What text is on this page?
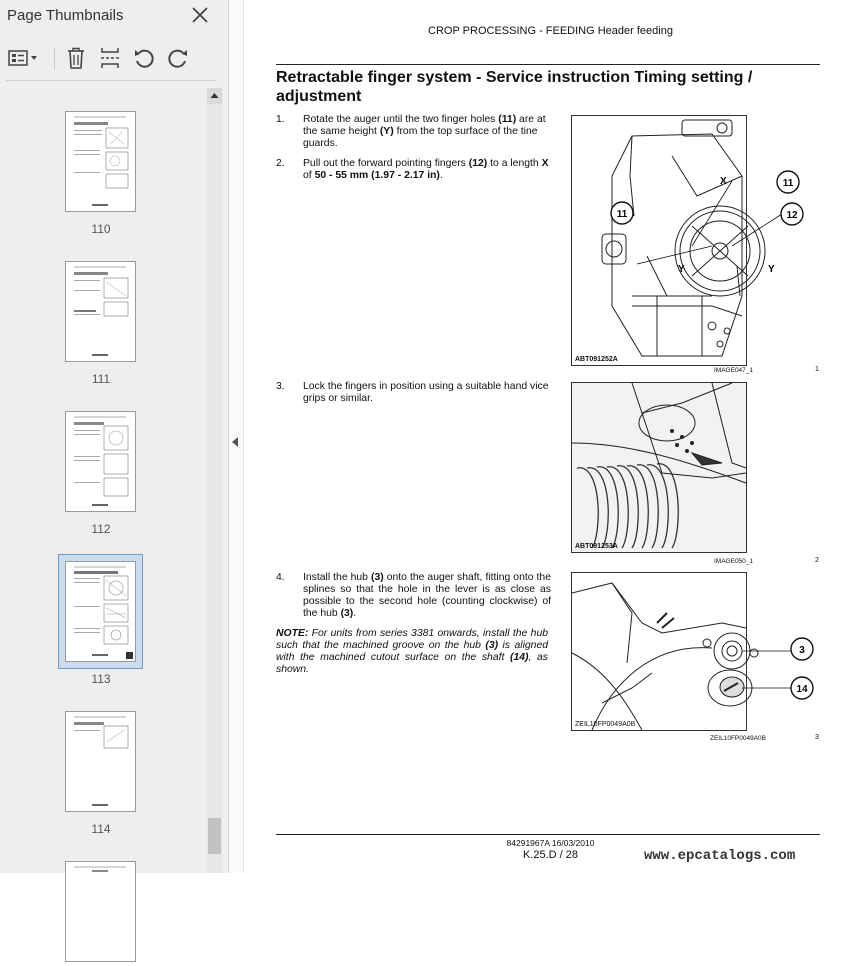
Page Thumbnails
110
111
112
113
114
CROP PROCESSING - FEEDING Header feeding
Retractable finger system - Service instruction Timing setting / adjustment
1. Rotate the auger until the two finger holes (11) are at the same height (Y) from the top surface of the tine guards.
2. Pull out the forward pointing fingers (12) to a length X of 50 - 55 mm (1.97 - 2.17 in).
3. Lock the fingers in position using a suitable hand vice grips or similar.
4. Install the hub (3) onto the auger shaft, fitting onto the splines so that the hole in the lever is as close as possible to the second hole (counting clockwise) of the hub (3).
NOTE: For units from series 3381 onwards, install the hub such that the machined groove on the hub (3) is aligned with the machined cutout surface on the shaft (14), as shown.
11
11
12
X
Y	Y
ABT091252A
IMAGE047_1	1
ABT091253A
IMAGE050_1	2
3
14
ZEIL10FP0049A0B
ZEIL10FP0049A0B	3
84291967A 16/03/2010
K.25.D / 28	www.epcatalogs.com
